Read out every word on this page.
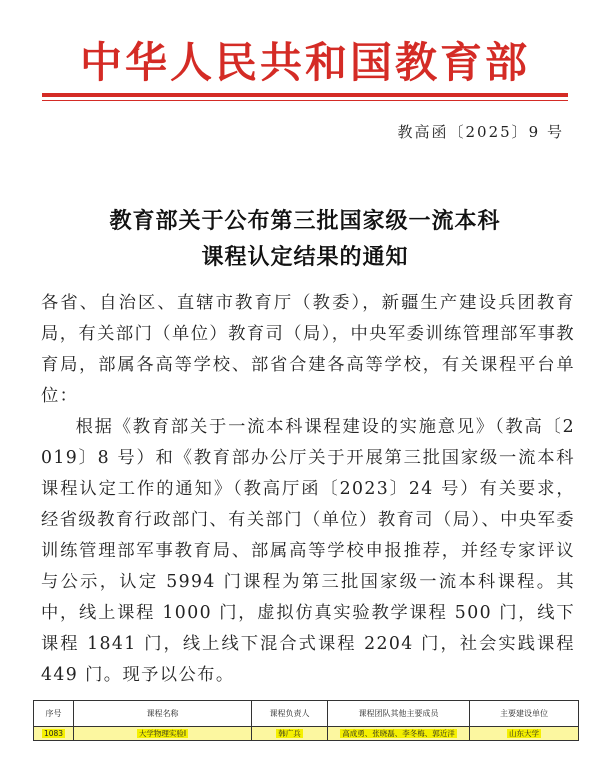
中华人民共和国教育部
教高函〔2025〕9 号
教育部关于公布第三批国家级一流本科
课程认定结果的通知

各省、自治区、直辖市教育厅（教委），新疆生产建设兵团教育局，有关部门（单位）教育司（局），中央军委训练管理部军事教育局，部属各高等学校、部省合建各高等学校，有关课程平台单位：

根据《教育部关于一流本科课程建设的实施意见》（教高〔2019〕8 号）和《教育部办公厅关于开展第三批国家级一流本科课程认定工作的通知》（教高厅函〔2023〕24 号）有关要求，经省级教育行政部门、有关部门（单位）教育司（局）、中央军委训练管理部军事教育局、部属高等学校申报推荐，并经专家评议与公示，认定 5994 门课程为第三批国家级一流本科课程。其中，线上课程 1000 门，虚拟仿真实验教学课程 500 门，线下课程 1841 门，线上线下混合式课程 2204 门，社会实践课程 449 门。现予以公布。

序号	课程名称	课程负责人	课程团队其他主要成员	主要建设单位
1083	大学物理实验I	韩广兵	高成勇、张晓磊、李冬梅、郭近洋	山东大学
